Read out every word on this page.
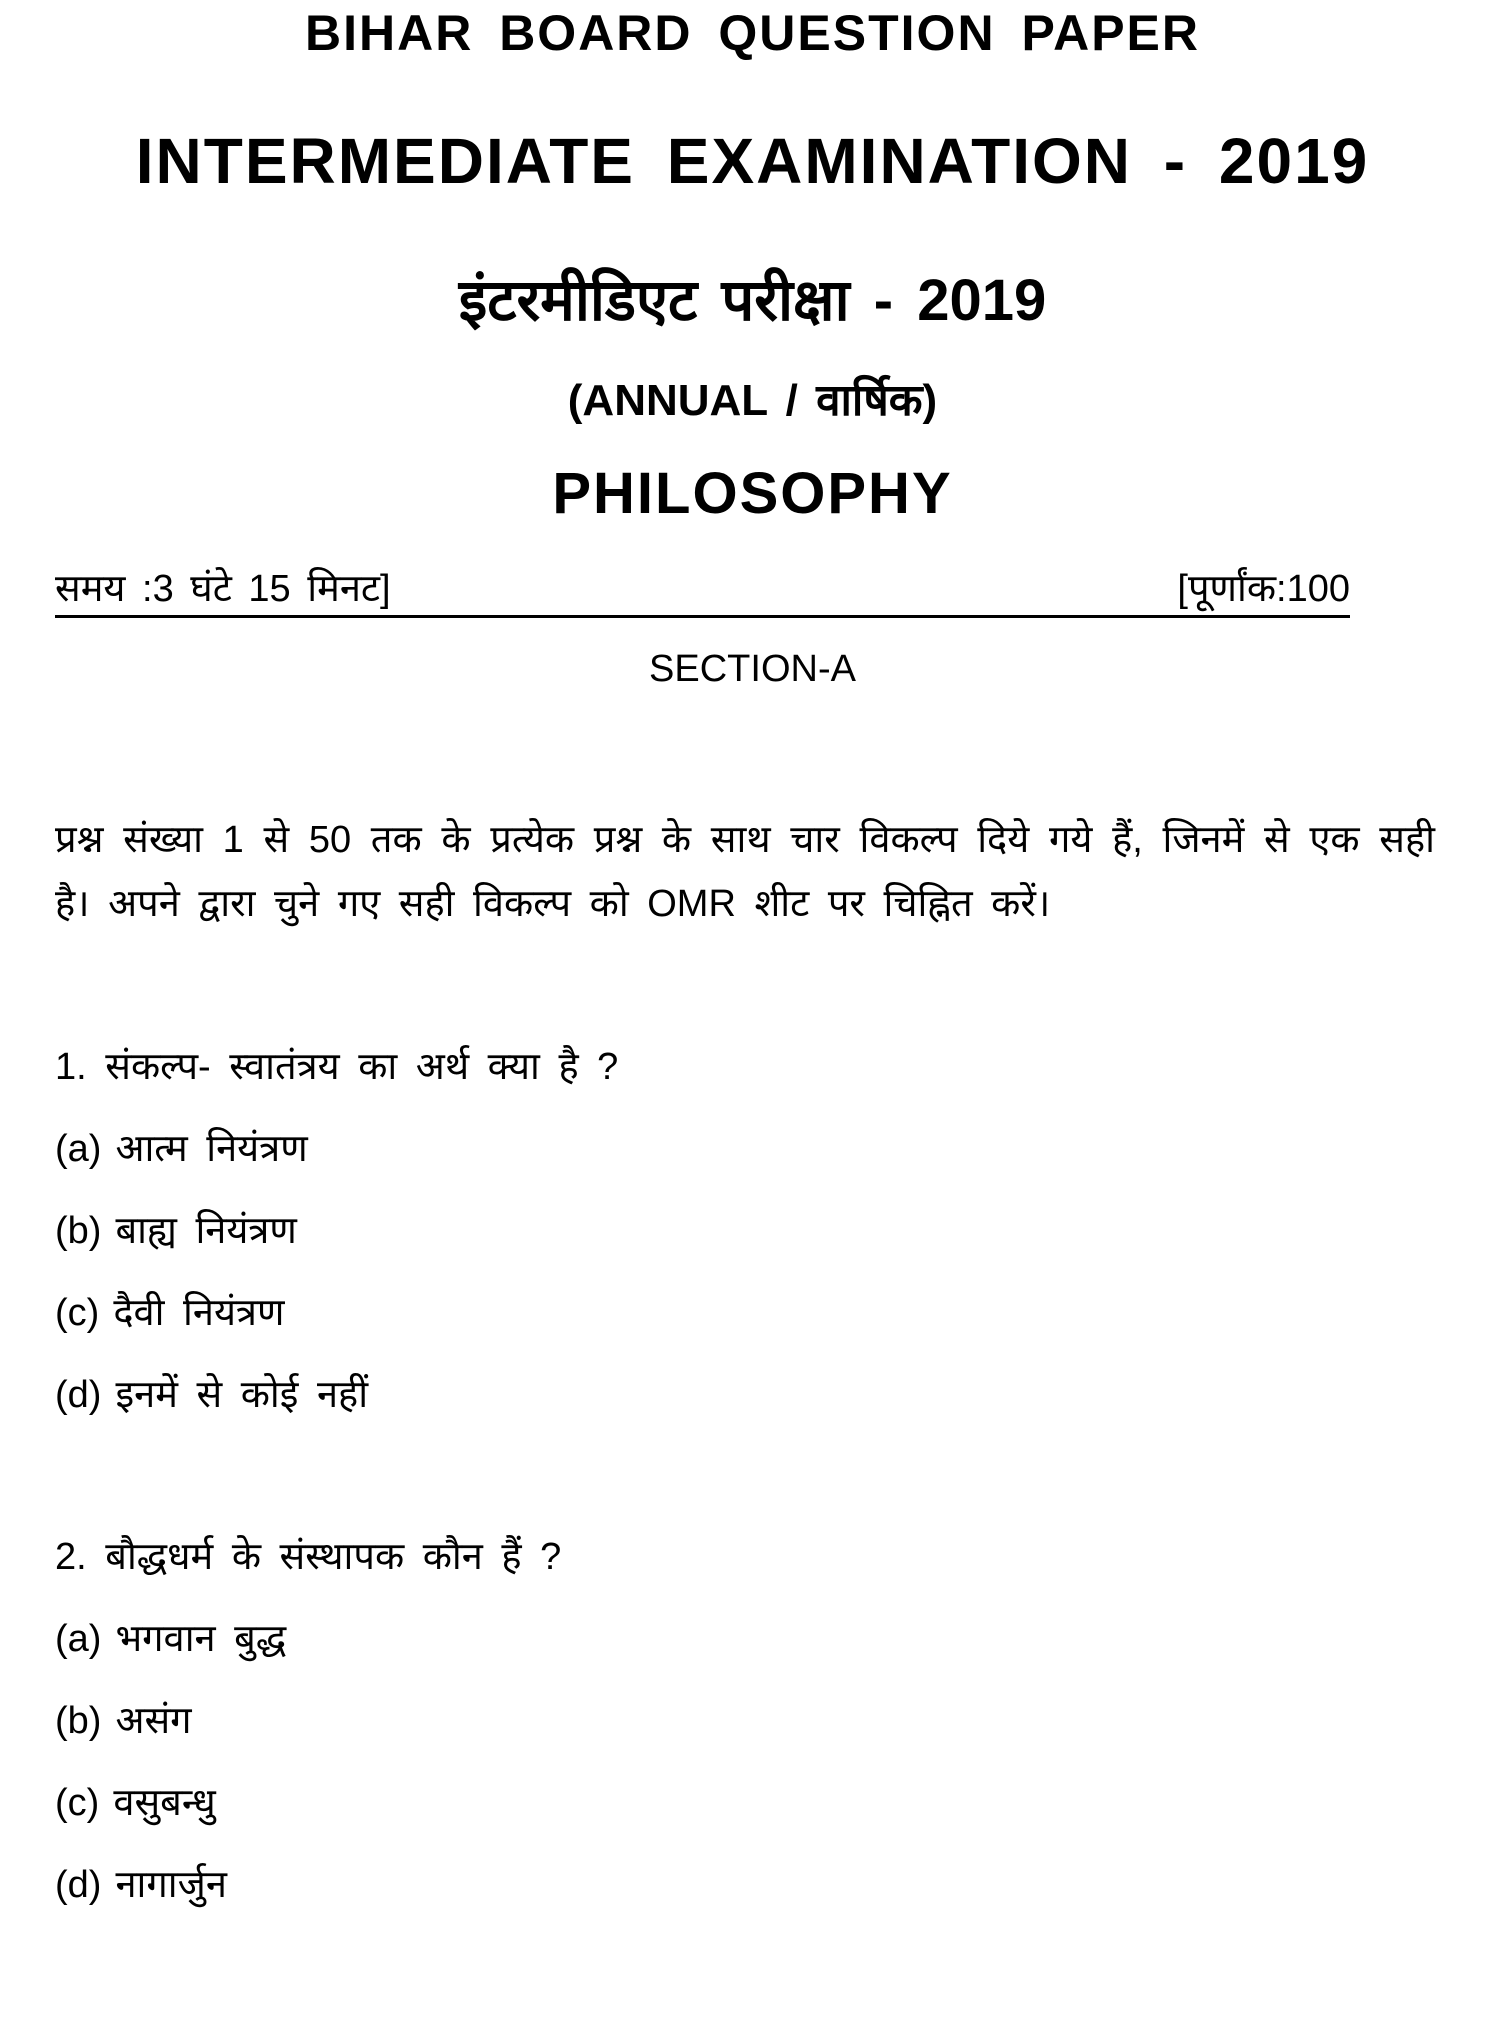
BIHAR BOARD QUESTION PAPER
INTERMEDIATE EXAMINATION - 2019
इंटरमीडिएट परीक्षा - 2019
(ANNUAL / वार्षिक)
PHILOSOPHY
समय :3 घंटे 15 मिनट]	[पूर्णांक:100
SECTION-A
प्रश्न संख्या 1 से 50 तक के प्रत्येक प्रश्न के साथ चार विकल्प दिये गये हैं, जिनमें से एक सही है। अपने द्वारा चुने गए सही विकल्प को OMR शीट पर चिह्नित करें।
1. संकल्प- स्वातंत्रय का अर्थ क्या है ?
(a) आत्म नियंत्रण
(b) बाह्य नियंत्रण
(c) दैवी नियंत्रण
(d) इनमें से कोई नहीं
2. बौद्धधर्म के संस्थापक कौन हैं ?
(a) भगवान बुद्ध
(b) असंग
(c) वसुबन्धु
(d) नागार्जुन
